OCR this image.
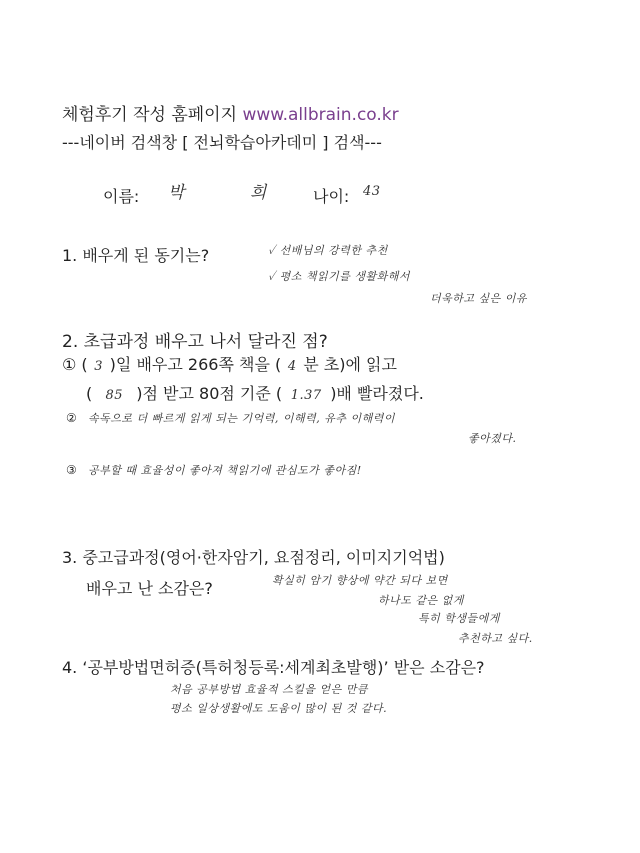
체험후기 작성 홈페이지 www.allbrain.co.kr
---네이버 검색창 [ 전뇌학습아카데미 ] 검색---
이름: 박 희 나이: 43
1. 배우게 된 동기는?	✓ 선배님의 강력한 추천
✓ 평소 책읽기를 생활화해서
더욱하고 싶은 이유
2. 초급과정 배우고 나서 달라진 점?
① ( 3 )일 배우고 266쪽 책을 ( 4 분 초)에 읽고
( 85 )점 받고 80점 기준 ( 1.37 )배 빨라졌다.
② 속독으로 더 빠르게 읽게 되는 기억력, 이해력, 유추 이해력이
좋아졌다.
③ 공부할 때 효율성이 좋아져 책읽기에 관심도가 좋아짐!
3. 중고급과정(영어·한자암기, 요점정리, 이미지기억법)
배우고 난 소감은?	확실히 암기 향상에 약간 되다 보면
하나도 같은 없게
특히 학생들에게
추천하고 싶다.
4. ‘공부방법면허증(특허청등록:세계최초발행)’ 받은 소감은?
처음 공부방법 효율적 스킬을 얻은 만큼
평소 일상생활에도 도움이 많이 된 것 같다.
